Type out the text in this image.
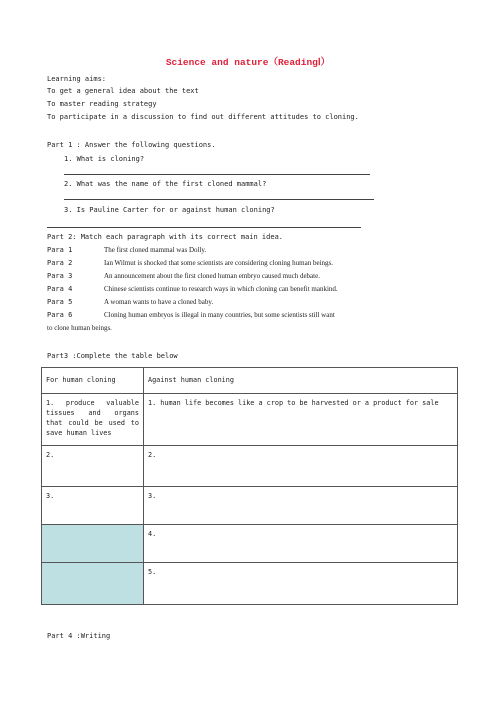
Science and nature（ReadingⅠ）
Learning aims:
To get a general idea about the text
To master reading strategy
To participate in a discussion to find out different attitudes to cloning.
Part 1 : Answer the following questions.
1. What is cloning?
2. What was the name of the first cloned mammal?
3. Is Pauline Carter for or against human cloning?
Part 2: Match each paragraph with its correct main idea.
Para 1	The first cloned mammal was Dolly.
Para 2	Ian Wilmut is shocked that some scientists are considering cloning human beings.
Para 3	An announcement about the first cloned human embryo caused much debate.
Para 4	Chinese scientists continue to research ways in which cloning can benefit mankind.
Para 5	A woman wants to have a cloned baby.
Para 6	Cloning human embryos is illegal in many countries, but some scientists still want
to clone human beings.
Part3 :Complete the table below
For human cloning	Against human cloning
1. produce valuable tissues and organs that could be used to save human lives	1. human life becomes like a crop to be harvested or a product for sale
2.	2.
3.	3.
	4.
	5.
Part 4 :Writing
